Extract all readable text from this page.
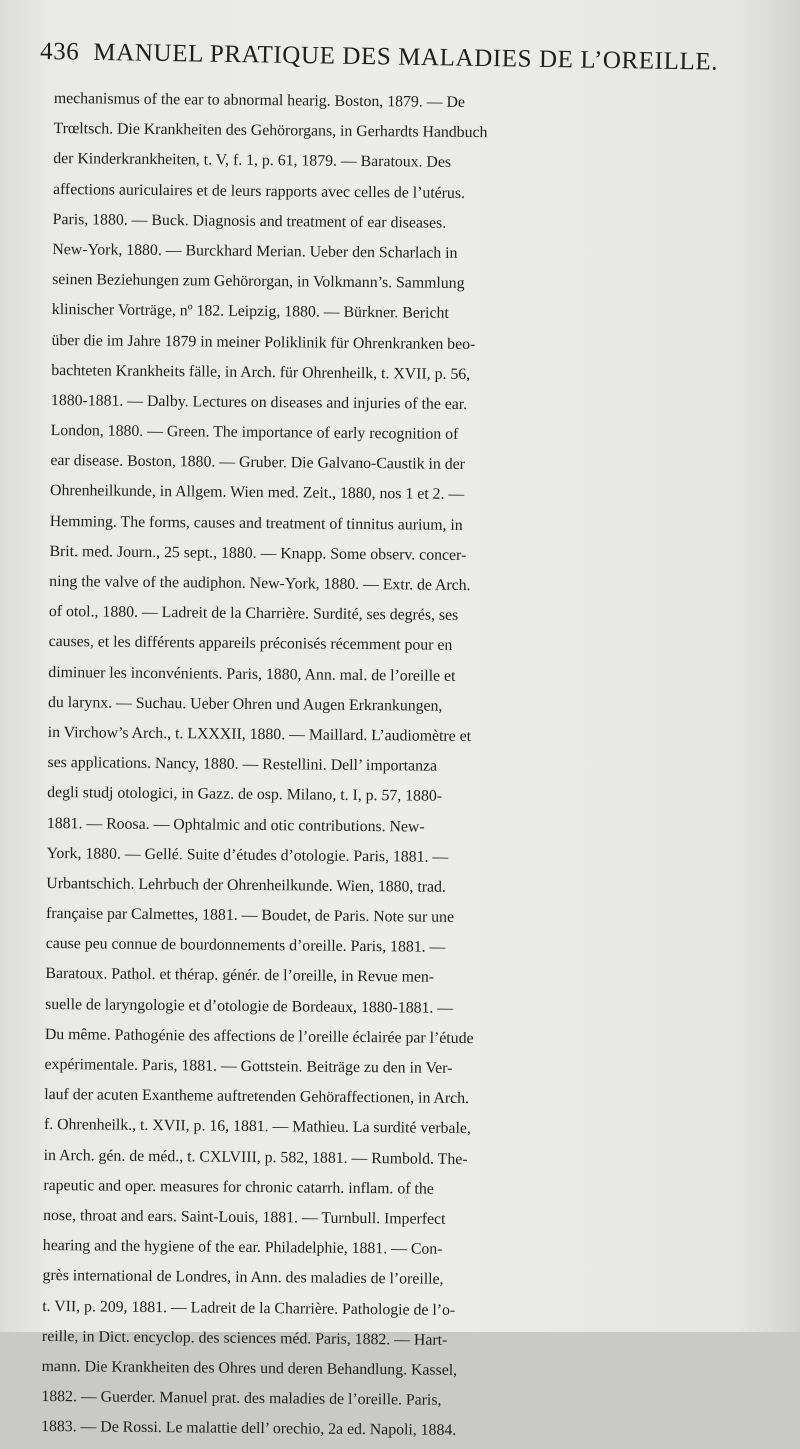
436 MANUEL PRATIQUE DES MALADIES DE L’OREILLE.
mechanismus of the ear to abnormal hearig. Boston, 1879. — De
Trœltsch. Die Krankheiten des Gehörorgans, in Gerhardts Handbuch
der Kinderkrankheiten, t. V, f. 1, p. 61, 1879. — Baratoux. Des
affections auriculaires et de leurs rapports avec celles de l’utérus.
Paris, 1880. — Buck. Diagnosis and treatment of ear diseases.
New-York, 1880. — Burckhard Merian. Ueber den Scharlach in
seinen Beziehungen zum Gehörorgan, in Volkmann’s. Sammlung
klinischer Vorträge, nº 182. Leipzig, 1880. — Bürkner. Bericht
über die im Jahre 1879 in meiner Poliklinik für Ohrenkranken beo-
bachteten Krankheits fälle, in Arch. für Ohrenheilk, t. XVII, p. 56,
1880-1881. — Dalby. Lectures on diseases and injuries of the ear.
London, 1880. — Green. The importance of early recognition of
ear disease. Boston, 1880. — Gruber. Die Galvano-Caustik in der
Ohrenheilkunde, in Allgem. Wien med. Zeit., 1880, nos 1 et 2. —
Hemming. The forms, causes and treatment of tinnitus aurium, in
Brit. med. Journ., 25 sept., 1880. — Knapp. Some observ. concer-
ning the valve of the audiphon. New-York, 1880. — Extr. de Arch.
of otol., 1880. — Ladreit de la Charrière. Surdité, ses degrés, ses
causes, et les différents appareils préconisés récemment pour en
diminuer les inconvénients. Paris, 1880, Ann. mal. de l’oreille et
du larynx. — Suchau. Ueber Ohren und Augen Erkrankungen,
in Virchow’s Arch., t. LXXXII, 1880. — Maillard. L’audiomètre et
ses applications. Nancy, 1880. — Restellini. Dell’ importanza
degli studj otologici, in Gazz. de osp. Milano, t. I, p. 57, 1880-
1881. — Roosa. — Ophtalmic and otic contributions. New-
York, 1880. — Gellé. Suite d’études d’otologie. Paris, 1881. —
Urbantschich. Lehrbuch der Ohrenheilkunde. Wien, 1880, trad.
française par Calmettes, 1881. — Boudet, de Paris. Note sur une
cause peu connue de bourdonnements d’oreille. Paris, 1881. —
Baratoux. Pathol. et thérap. génér. de l’oreille, in Revue men-
suelle de laryngologie et d’otologie de Bordeaux, 1880-1881. —
Du même. Pathogénie des affections de l’oreille éclairée par l’étude
expérimentale. Paris, 1881. — Gottstein. Beiträge zu den in Ver-
lauf der acuten Exantheme auftretenden Gehöraffectionen, in Arch.
f. Ohrenheilk., t. XVII, p. 16, 1881. — Mathieu. La surdité verbale,
in Arch. gén. de méd., t. CXLVIII, p. 582, 1881. — Rumbold. The-
rapeutic and oper. measures for chronic catarrh. inflam. of the
nose, throat and ears. Saint-Louis, 1881. — Turnbull. Imperfect
hearing and the hygiene of the ear. Philadelphie, 1881. — Con-
grès international de Londres, in Ann. des maladies de l’oreille,
t. VII, p. 209, 1881. — Ladreit de la Charrière. Pathologie de l’o-
reille, in Dict. encyclop. des sciences méd. Paris, 1882. — Hart-
mann. Die Krankheiten des Ohres und deren Behandlung. Kassel,
1882. — Guerder. Manuel prat. des maladies de l’oreille. Paris,
1883. — De Rossi. Le malattie dell’ orechio, 2a ed. Napoli, 1884.
